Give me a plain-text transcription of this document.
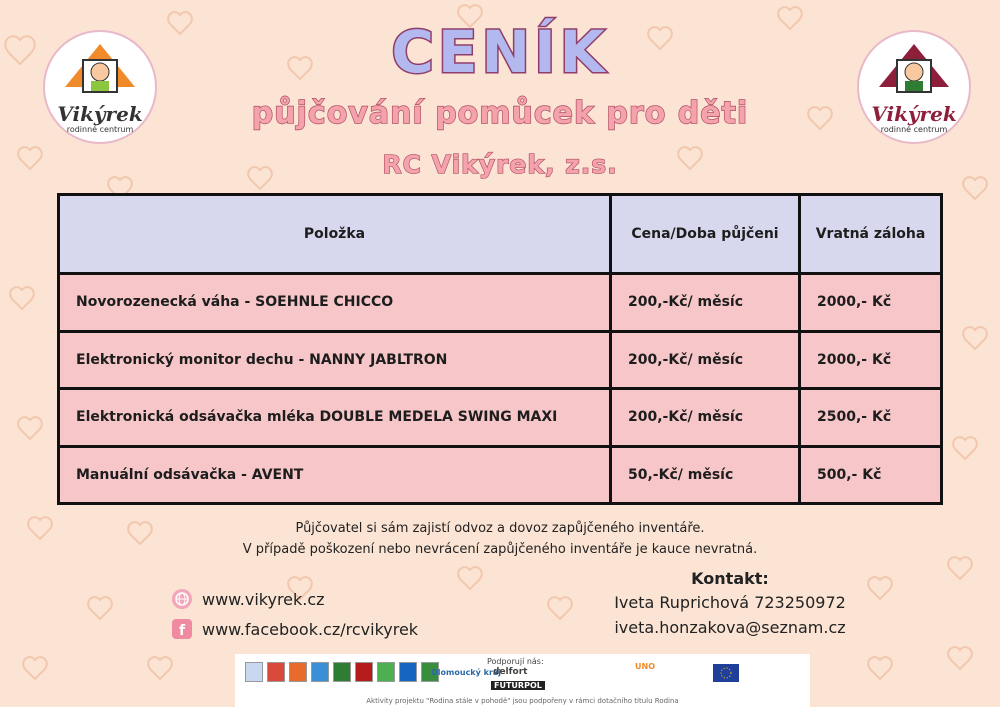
Vikýrek
rodinné centrum
Vikýrek
rodinné centrum
CENÍK
půjčování pomůcek pro děti
RC Vikýrek, z.s.
Položka	Cena/Doba půjčeni	Vratná záloha
Novorozenecká váha - SOEHNLE CHICCO	200,-Kč/ měsíc	2000,- Kč
Elektronický monitor dechu - NANNY JABLTRON	200,-Kč/ měsíc	2000,- Kč
Elektronická odsávačka mléka DOUBLE MEDELA SWING MAXI	200,-Kč/ měsíc	2500,- Kč
Manuální odsávačka - AVENT	50,-Kč/ měsíc	500,- Kč
Půjčovatel si sám zajistí odvoz a dovoz zapůjčeného inventáře.
V případě poškození nebo nevrácení zapůjčeného inventáře je kauce nevratná.
www.vikyrek.cz
f www.facebook.cz/rcvikyrek
Kontakt:
Iveta Ruprichová 723250972
iveta.honzakova@seznam.cz
Olomoucký kraj
Podporují nás:
delfort
FUTURPOL
UNO
Aktivity projektu "Rodina stále v pohodě" jsou podpořeny v rámci dotačního titulu Rodina
